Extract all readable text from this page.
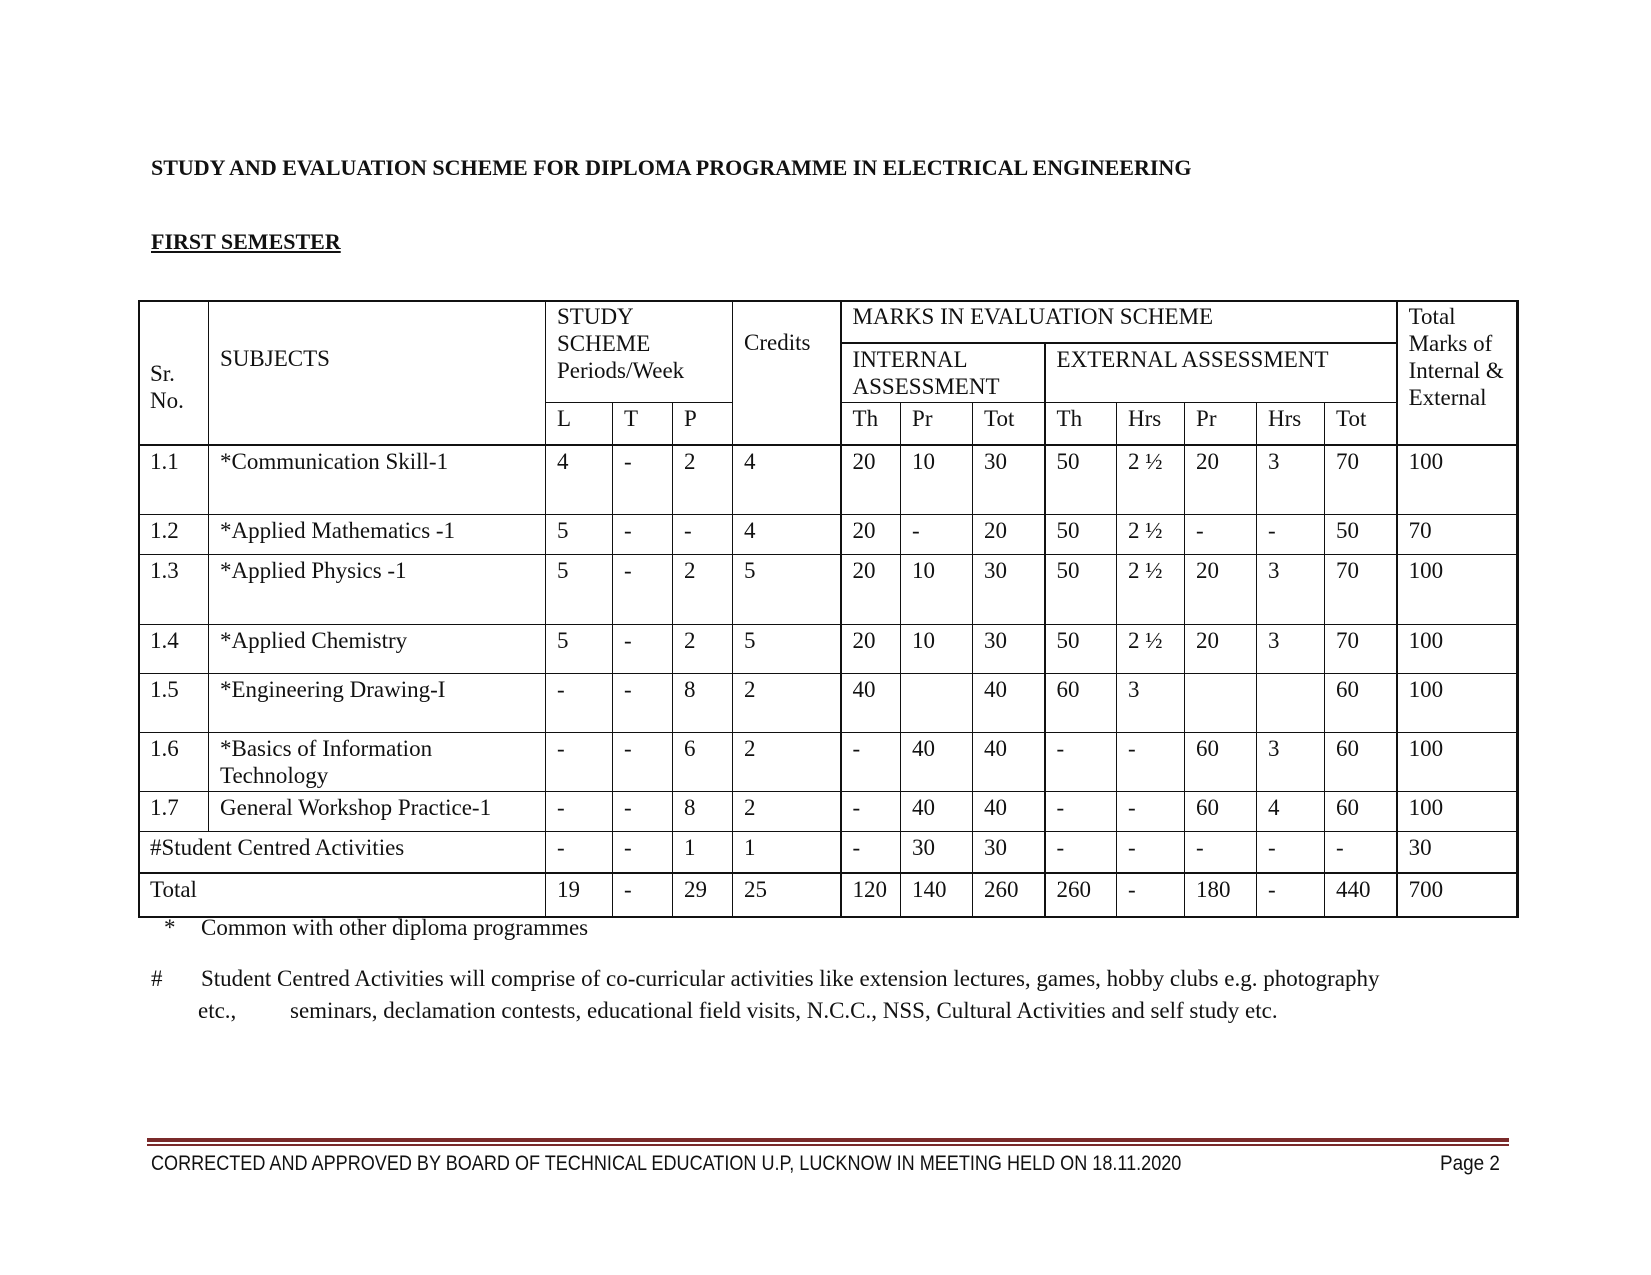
STUDY AND EVALUATION SCHEME FOR DIPLOMA PROGRAMME IN ELECTRICAL ENGINEERING
FIRST SEMESTER
Sr. No.	SUBJECTS	STUDY SCHEME Periods/Week			Credits	MARKS IN EVALUATION SCHEME								Total Marks of Internal & External
						INTERNAL ASSESSMENT			EXTERNAL ASSESSMENT					
		L	T	P		Th	Pr	Tot	Th	Hrs	Pr	Hrs	Tot	
1.1	*Communication Skill-1	4	-	2	4	20	10	30	50	2 ½	20	3	70	100
1.2	*Applied Mathematics -1	5	-	-	4	20	-	20	50	2 ½	-	-	50	70
1.3	*Applied Physics -1	5	-	2	5	20	10	30	50	2 ½	20	3	70	100
1.4	*Applied Chemistry	5	-	2	5	20	10	30	50	2 ½	20	3	70	100
1.5	*Engineering Drawing-I	-	-	8	2	40		40	60	3			60	100
1.6	*Basics of Information Technology	-	-	6	2	-	40	40	-	-	60	3	60	100
1.7	General Workshop Practice-1	-	-	8	2	-	40	40	-	-	60	4	60	100
#Student Centred Activities		-	-	1	1	-	30	30	-	-	-	-	-	30
Total		19	-	29	25	120	140	260	260	-	180	-	440	700
* Common with other diploma programmes
# Student Centred Activities will comprise of co-curricular activities like extension lectures, games, hobby clubs e.g. photography
etc., seminars, declamation contests, educational field visits, N.C.C., NSS, Cultural Activities and self study etc.
CORRECTED AND APPROVED BY BOARD OF TECHNICAL EDUCATION U.P, LUCKNOW IN MEETING HELD ON 18.11.2020	Page 2
